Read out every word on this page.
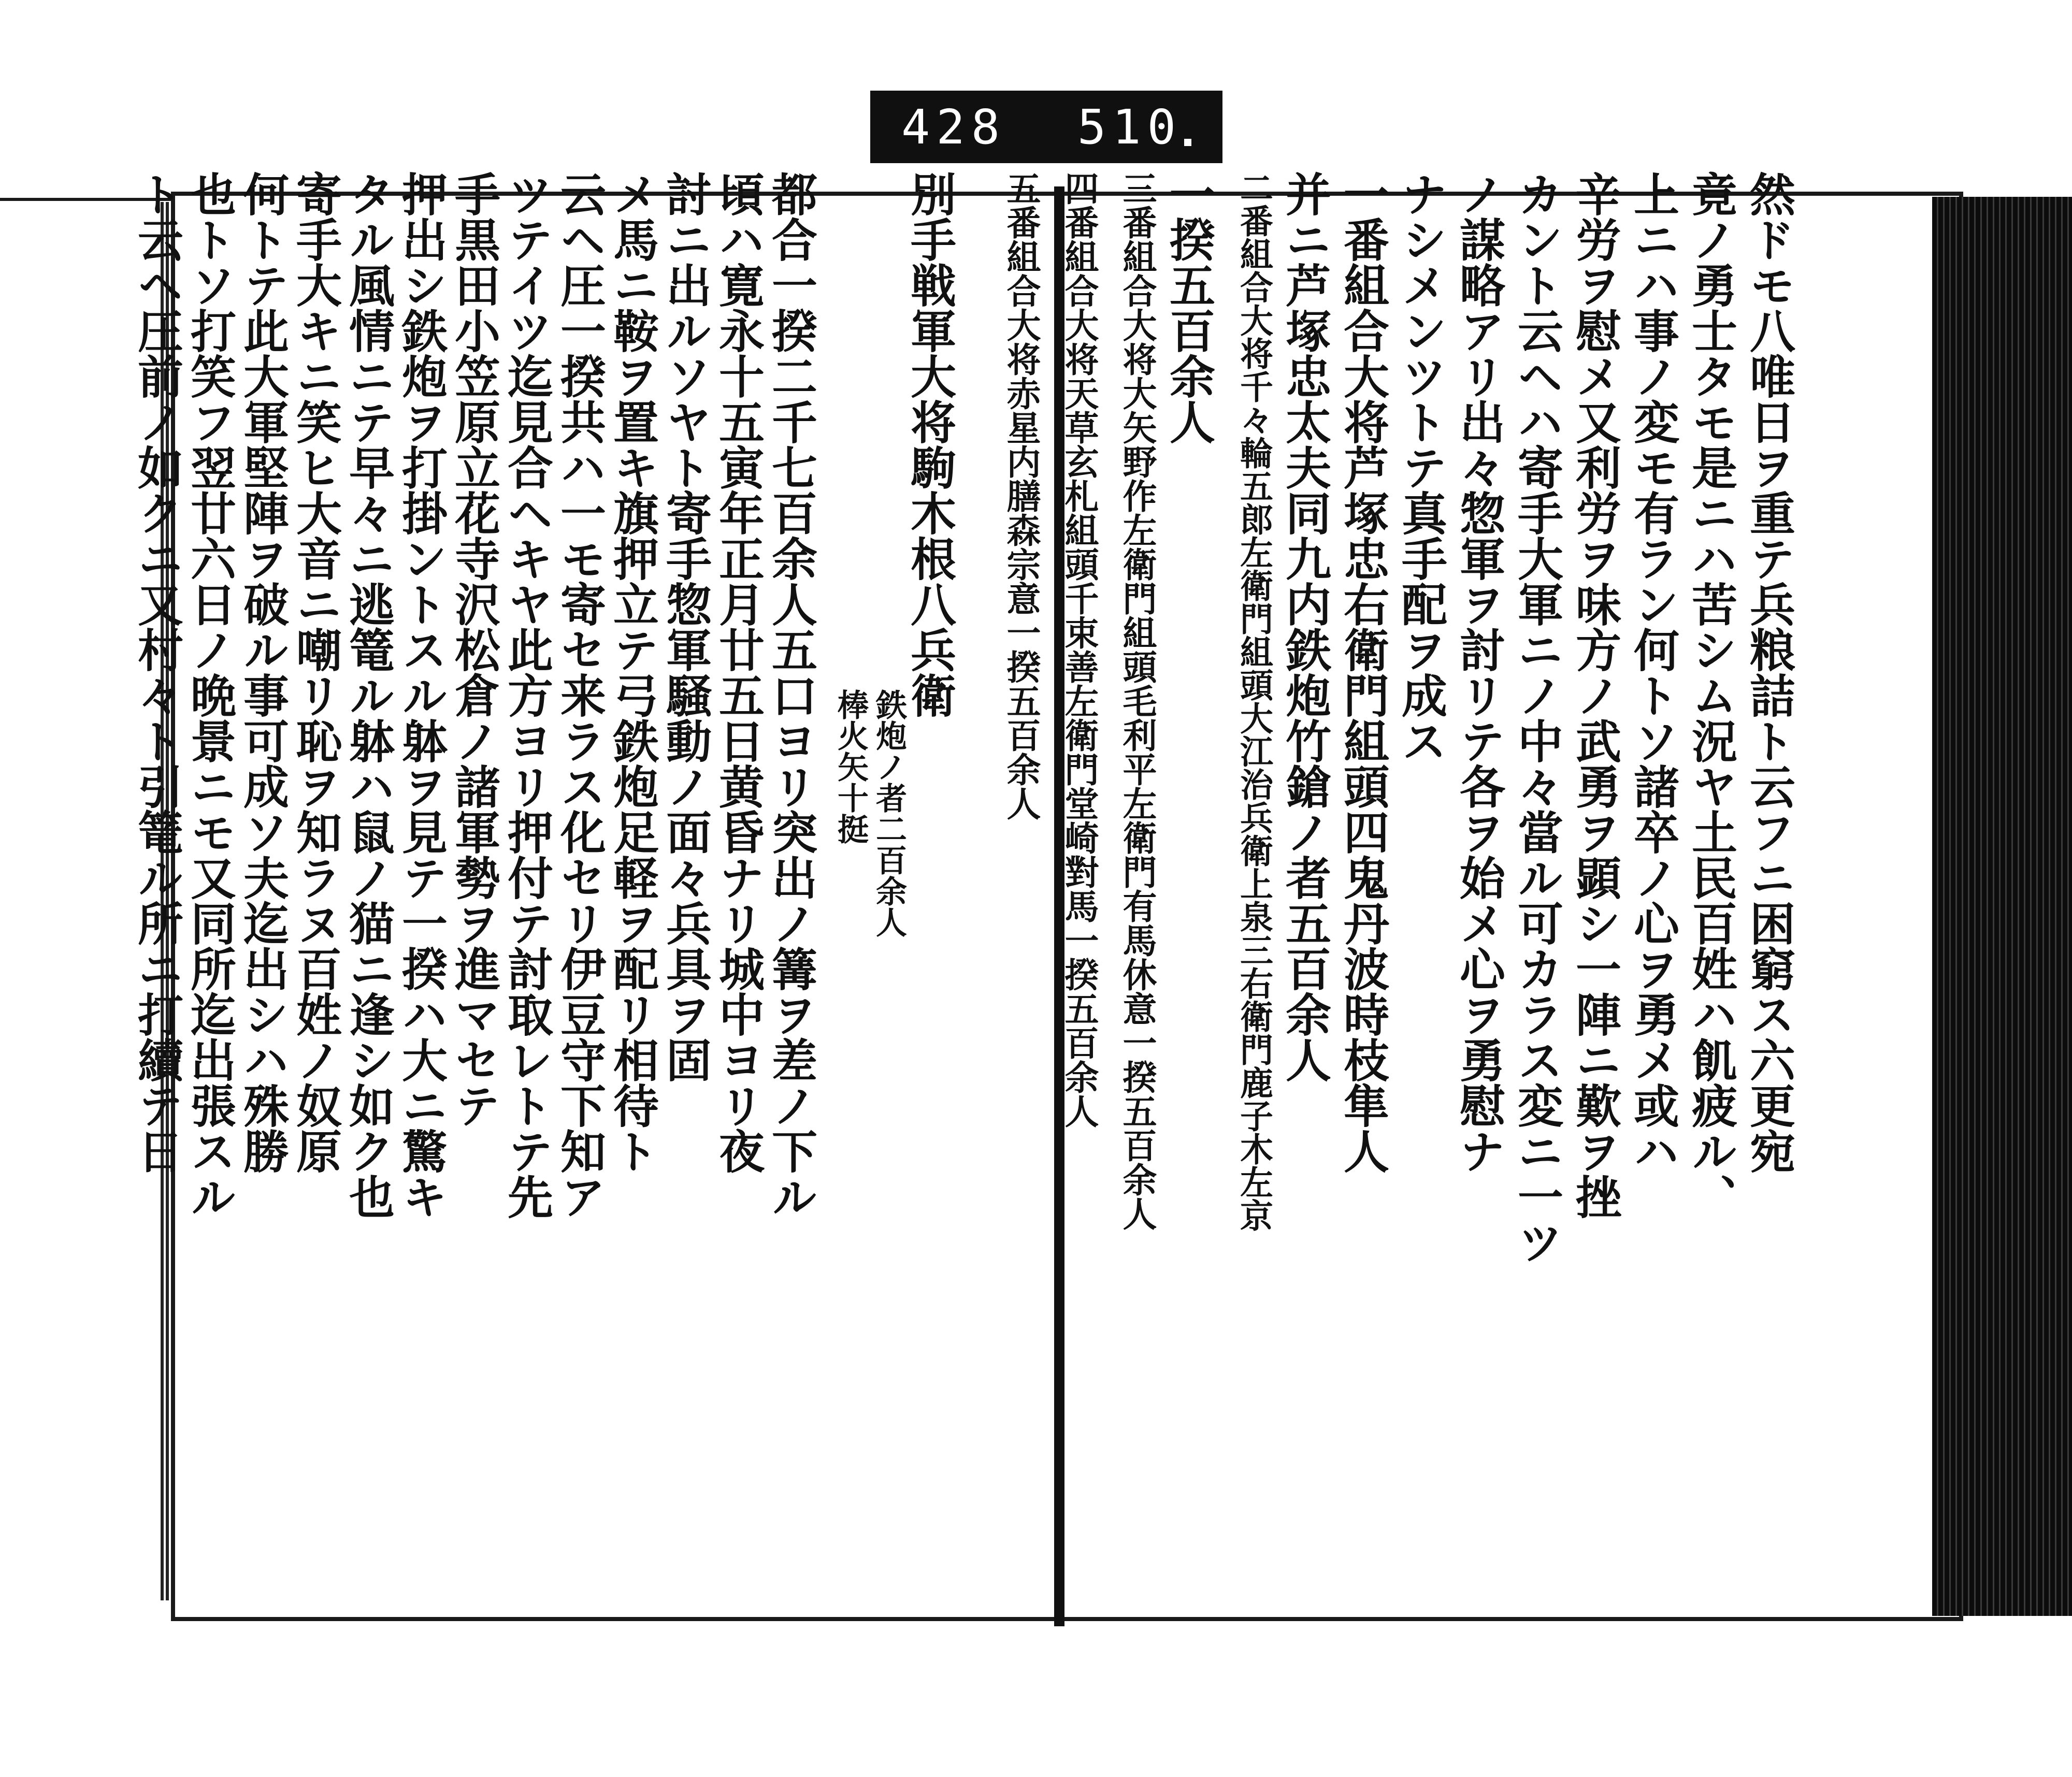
428 510
然ドモ八唯日ヲ重テ兵粮詰ト云フニ困窮ス六更宛
竟ノ勇士タモ是ニハ苦シム況ヤ土民百姓ハ飢疲ル、
上ニハ事ノ変モ有ラン何トソ諸卒ノ心ヲ勇メ或ハ
辛労ヲ慰メ又利労ヲ味方ノ武勇ヲ顕シ一陣ニ歎ヲ挫
カント云ヘハ寄手大軍ニノ中々當ル可カラス変ニ一ツ
ノ謀略アリ出々惣軍ヲ討リテ各ヲ始メ心ヲ勇慰ナ
ナシメンツトテ真手配ヲ成ス
一番組合大将芦塚忠右衛門組頭四鬼丹波時枝隼人
并ニ芦塚忠太夫同九内鉄炮竹鎗ノ者五百余人
二番組合大将千々輪五郎左衛門組頭大江治兵衛上泉三右衛門鹿子木左京
一揆五百余人
三番組合大将大矢野作左衛門組頭毛利平左衛門有馬休意一揆五百余人
四番組合大将天草玄札組頭千束善左衛門堂崎對馬一揆五百余人
五番組合大将赤星内膳森宗意一揆五百余人
別手戦軍大将駒木根八兵衛
鉄炮ノ者二百余人
棒火矢十挺
都合一揆二千七百余人五口ヨリ突出ノ篝ヲ差ノ下ル
頃ハ寛永十五寅年正月廿五日黄昏ナリ城中ヨリ夜
討ニ出ルソヤト寄手惣軍騒動ノ面々兵具ヲ固
メ馬ニ鞍ヲ置キ旗押立テ弓鉄炮足軽ヲ配リ相待ト
云ヘ圧一揆共ハ一モ寄セ来ラス化セリ伊豆守下知ア
ツテイツ迄見合ヘキヤ此方ヨリ押付テ討取レトテ先
手黒田小笠原立花寺沢松倉ノ諸軍勢ヲ進マセテ
押出シ鉄炮ヲ打掛ントスル躰ヲ見テ一揆ハ大ニ驚キ
タル風情ニテ早々ニ逃篭ル躰ハ鼠ノ猫ニ逢シ如ク也
寄手大キニ笑ヒ大音ニ嘲リ恥ヲ知ラヌ百姓ノ奴原
何トテ此大軍堅陣ヲ破ル事可成ソ夫迄出シハ殊勝
也トソ打笑フ翌廿六日ノ晩景ニモ又同所迄出張スル
ト云ヘ圧前ノ如クニ又村々ト引篭ル所ニ打續テ日
